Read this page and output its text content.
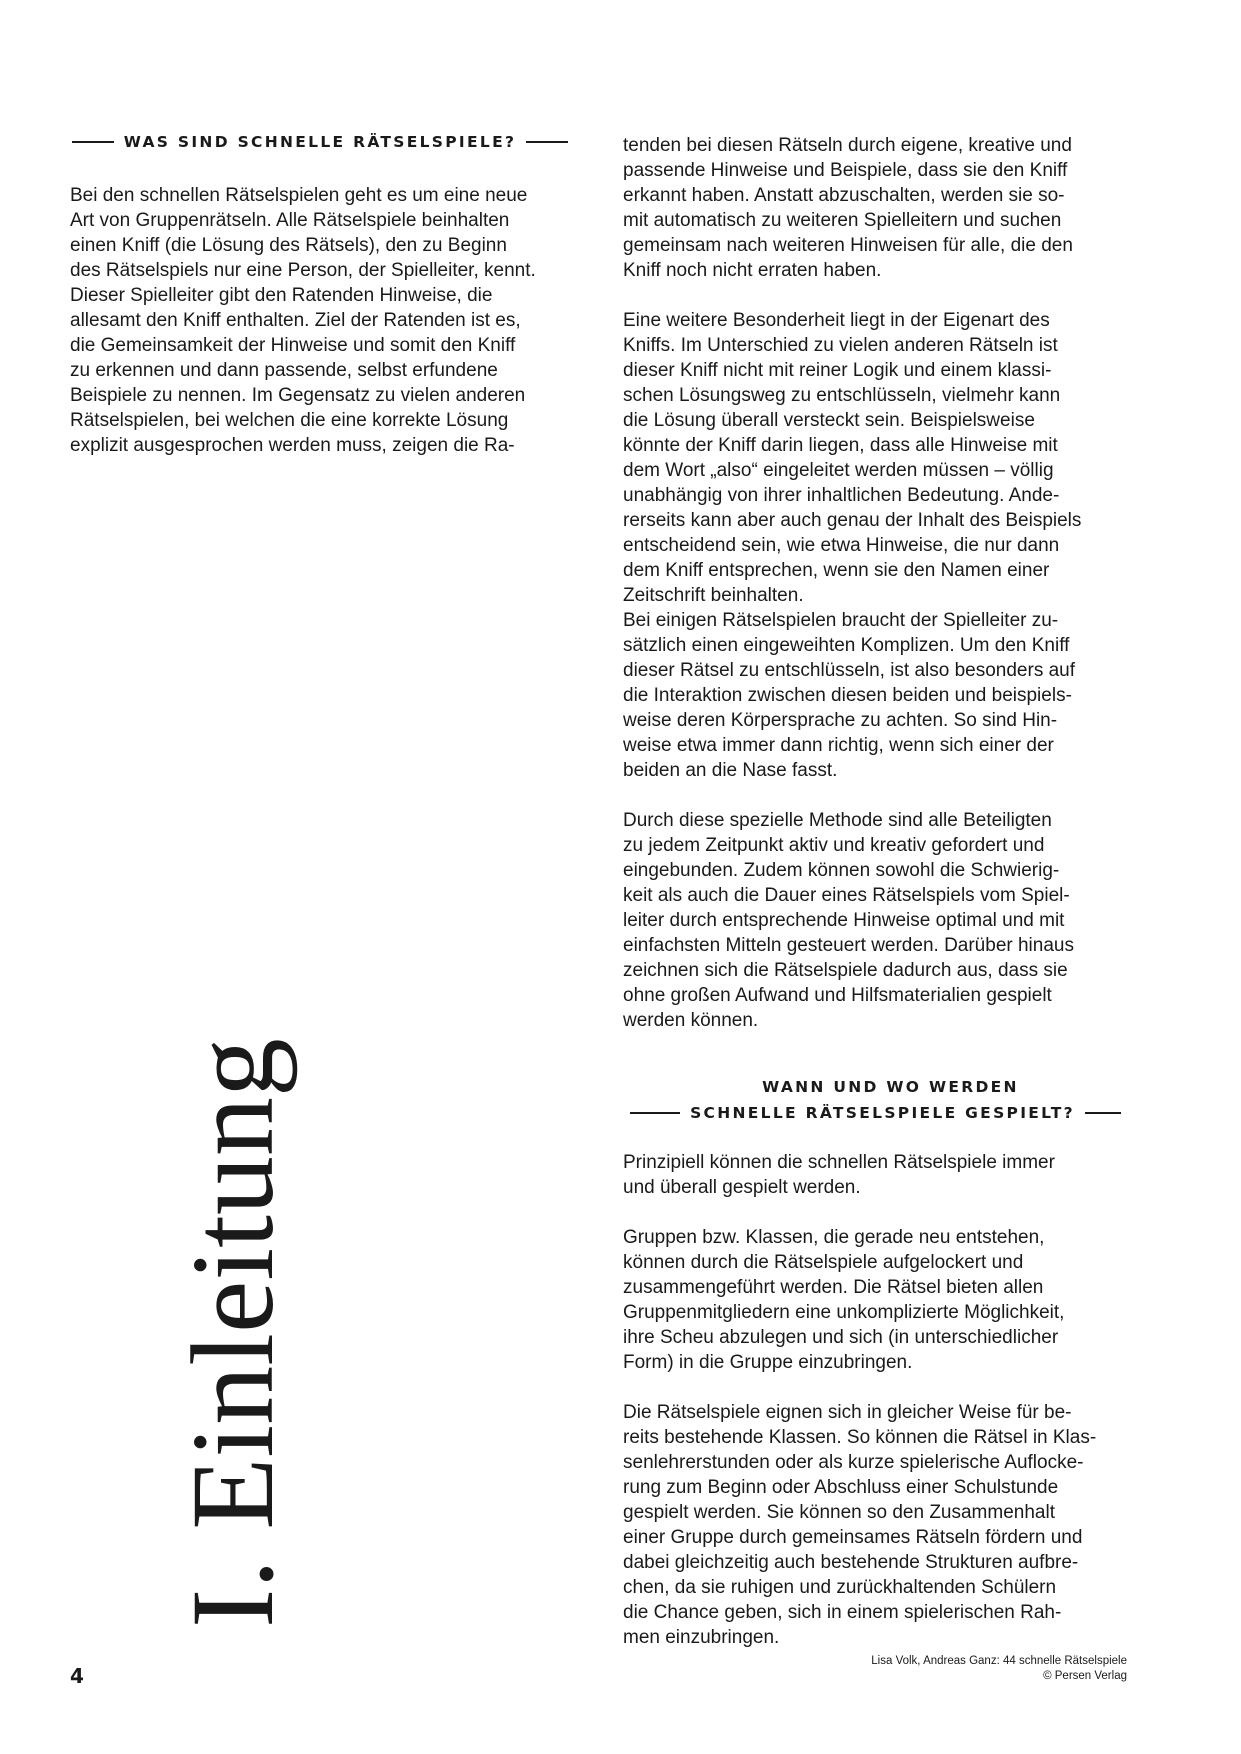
WAS SIND SCHNELLE RÄTSELSPIELE?

Bei den schnellen Rätselspielen geht es um eine neue
Art von Gruppenrätseln. Alle Rätselspiele beinhalten
einen Kniff (die Lösung des Rätsels), den zu Beginn
des Rätselspiels nur eine Person, der Spielleiter, kennt.
Dieser Spielleiter gibt den Ratenden Hinweise, die
allesamt den Kniff enthalten. Ziel der Ratenden ist es,
die Gemeinsamkeit der Hinweise und somit den Kniff
zu erkennen und dann passende, selbst erfundene
Beispiele zu nennen. Im Gegensatz zu vielen anderen
Rätselspielen, bei welchen die eine korrekte Lösung
explizit ausgesprochen werden muss, zeigen die Ra-

tenden bei diesen Rätseln durch eigene, kreative und
passende Hinweise und Beispiele, dass sie den Kniff
erkannt haben. Anstatt abzuschalten, werden sie so-
mit automatisch zu weiteren Spielleitern und suchen
gemeinsam nach weiteren Hinweisen für alle, die den
Kniff noch nicht erraten haben.

Eine weitere Besonderheit liegt in der Eigenart des
Kniffs. Im Unterschied zu vielen anderen Rätseln ist
dieser Kniff nicht mit reiner Logik und einem klassi-
schen Lösungsweg zu entschlüsseln, vielmehr kann
die Lösung überall versteckt sein. Beispielsweise
könnte der Kniff darin liegen, dass alle Hinweise mit
dem Wort „also“ eingeleitet werden müssen – völlig
unabhängig von ihrer inhaltlichen Bedeutung. Ande-
rerseits kann aber auch genau der Inhalt des Beispiels
entscheidend sein, wie etwa Hinweise, die nur dann
dem Kniff entsprechen, wenn sie den Namen einer
Zeitschrift beinhalten.
Bei einigen Rätselspielen braucht der Spielleiter zu-
sätzlich einen eingeweihten Komplizen. Um den Kniff
dieser Rätsel zu entschlüsseln, ist also besonders auf
die Interaktion zwischen diesen beiden und beispiels-
weise deren Körpersprache zu achten. So sind Hin-
weise etwa immer dann richtig, wenn sich einer der
beiden an die Nase fasst.

Durch diese spezielle Methode sind alle Beteiligten
zu jedem Zeitpunkt aktiv und kreativ gefordert und
eingebunden. Zudem können sowohl die Schwierig-
keit als auch die Dauer eines Rätselspiels vom Spiel-
leiter durch entsprechende Hinweise optimal und mit
einfachsten Mitteln gesteuert werden. Darüber hinaus
zeichnen sich die Rätselspiele dadurch aus, dass sie
ohne großen Aufwand und Hilfsmaterialien gespielt
werden können.

WANN UND WO WERDEN
SCHNELLE RÄTSELSPIELE GESPIELT?

Prinzipiell können die schnellen Rätselspiele immer
und überall gespielt werden.

Gruppen bzw. Klassen, die gerade neu entstehen,
können durch die Rätselspiele aufgelockert und
zusammengeführt werden. Die Rätsel bieten allen
Gruppenmitgliedern eine unkomplizierte Möglichkeit,
ihre Scheu abzulegen und sich (in unterschiedlicher
Form) in die Gruppe einzubringen.

Die Rätselspiele eignen sich in gleicher Weise für be-
reits bestehende Klassen. So können die Rätsel in Klas-
senlehrerstunden oder als kurze spielerische Auflocke-
rung zum Beginn oder Abschluss einer Schulstunde
gespielt werden. Sie können so den Zusammenhalt
einer Gruppe durch gemeinsames Rätseln fördern und
dabei gleichzeitig auch bestehende Strukturen aufbre-
chen, da sie ruhigen und zurückhaltenden Schülern
die Chance geben, sich in einem spielerischen Rah-
men einzubringen.

I. Einleitung
4
Lisa Volk, Andreas Ganz: 44 schnelle Rätselspiele
© Persen Verlag
